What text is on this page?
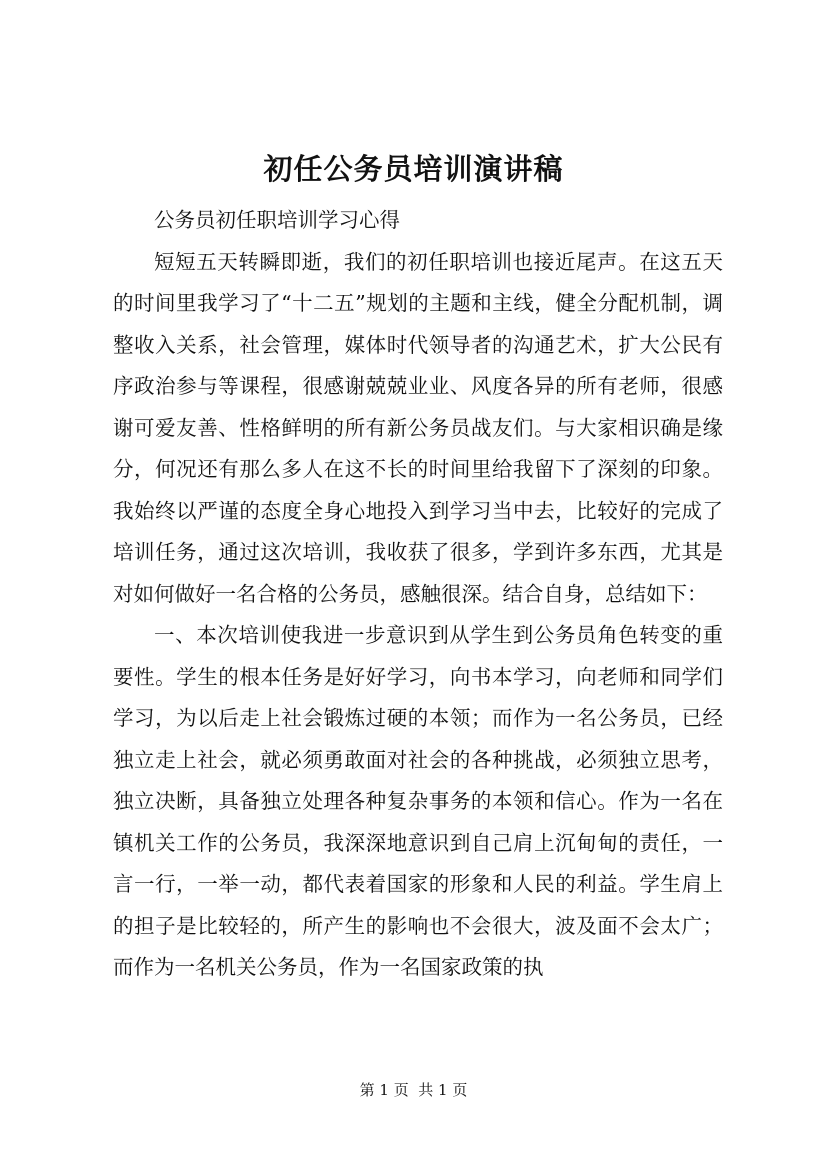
初任公务员培训演讲稿

公务员初任职培训学习心得

短短五天转瞬即逝，我们的初任职培训也接近尾声。在这五天的时间里我学习了“十二五”规划的主题和主线，健全分配机制，调整收入关系，社会管理，媒体时代领导者的沟通艺术，扩大公民有序政治参与等课程，很感谢兢兢业业、风度各异的所有老师，很感谢可爱友善、性格鲜明的所有新公务员战友们。与大家相识确是缘分，何况还有那么多人在这不长的时间里给我留下了深刻的印象。我始终以严谨的态度全身心地投入到学习当中去，比较好的完成了培训任务，通过这次培训，我收获了很多，学到许多东西，尤其是对如何做好一名合格的公务员，感触很深。结合自身，总结如下：

一、本次培训使我进一步意识到从学生到公务员角色转变的重要性。学生的根本任务是好好学习，向书本学习，向老师和同学们学习，为以后走上社会锻炼过硬的本领；而作为一名公务员，已经独立走上社会，就必须勇敢面对社会的各种挑战，必须独立思考，独立决断，具备独立处理各种复杂事务的本领和信心。作为一名在镇机关工作的公务员，我深深地意识到自己肩上沉甸甸的责任，一言一行，一举一动，都代表着国家的形象和人民的利益。学生肩上的担子是比较轻的，所产生的影响也不会很大，波及面不会太广；而作为一名机关公务员，作为一名国家政策的执

第 1 页  共 1 页
